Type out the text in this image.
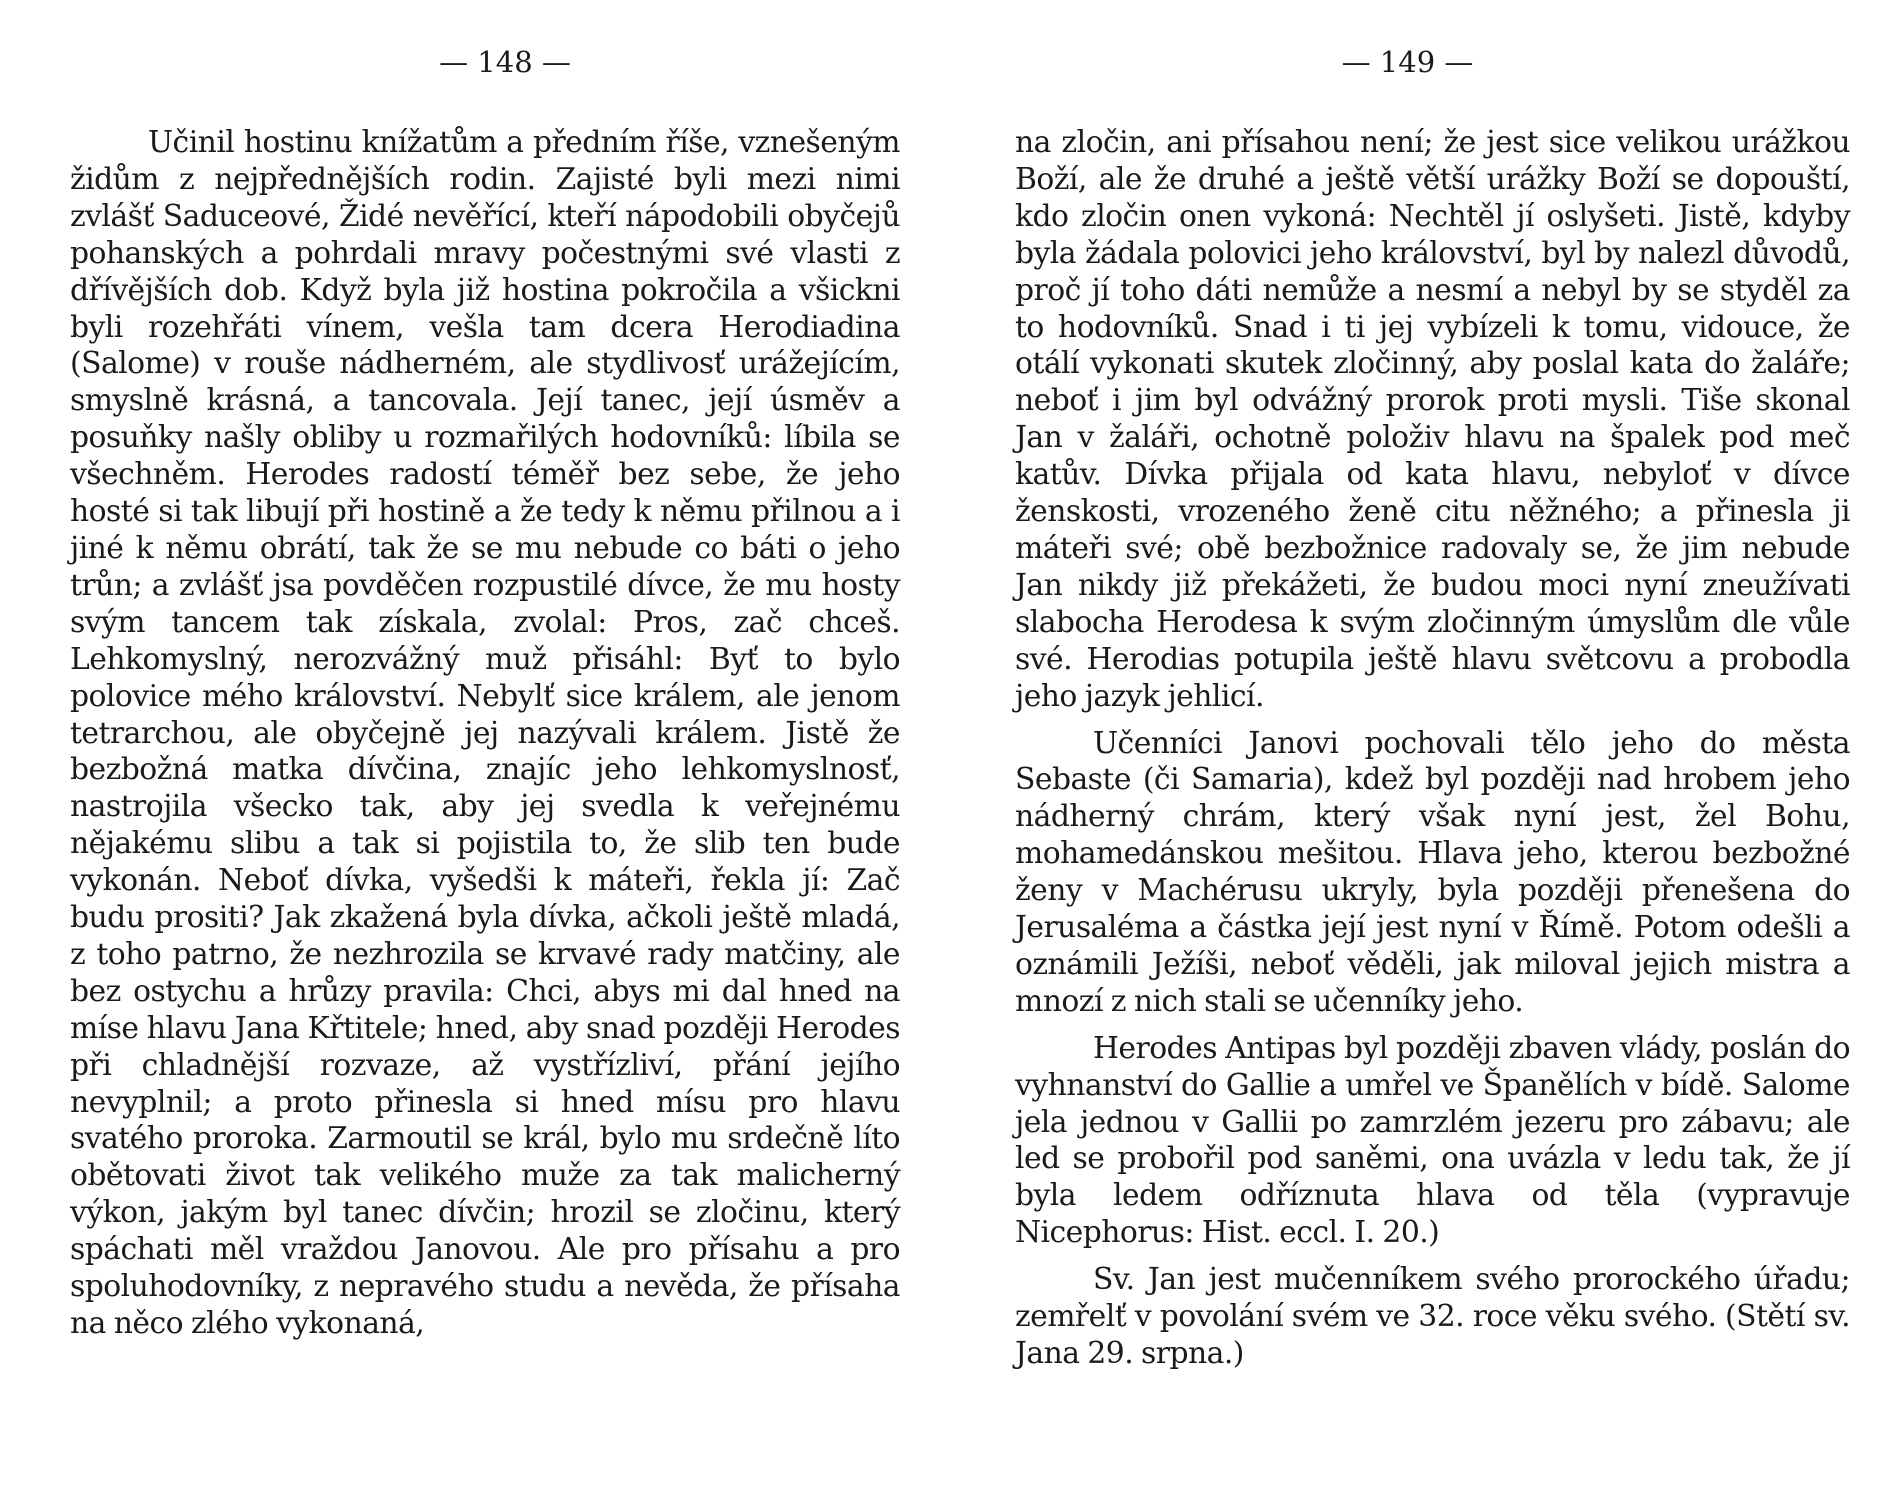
— 148 —

Učinil hostinu knížatům a předním říše, vznešeným židům z nejpřednějších rodin. Zajisté byli mezi nimi zvlášť Saduceové, Židé nevěřící, kteří nápodobili obyčejů pohanských a pohrdali mravy počestnými své vlasti z dřívějších dob. Když byla již hostina pokročila a všickni byli rozehřáti vínem, vešla tam dcera Herodiadina (Salome) v rouše nádherném, ale stydlivosť urážejícím, smyslně krásná, a tancovala. Její tanec, její úsměv a posuňky našly obliby u rozmařilých hodovníků: líbila se všechněm. Herodes radostí téměř bez sebe, že jeho hosté si tak libují při hostině a že tedy k němu přilnou a i jiné k němu obrátí, tak že se mu nebude co báti o jeho trůn; a zvlášť jsa povděčen rozpustilé dívce, že mu hosty svým tancem tak získala, zvolal: Pros, zač chceš. Lehkomyslný, nerozvážný muž přisáhl: Byť to bylo polovice mého království. Nebylť sice králem, ale jenom tetrarchou, ale obyčejně jej nazývali králem. Jistě že bezbožná matka dívčina, znajíc jeho lehkomyslnosť, nastrojila všecko tak, aby jej svedla k veřejnému nějakému slibu a tak si pojistila to, že slib ten bude vykonán. Neboť dívka, vyšedši k máteři, řekla jí: Zač budu prositi? Jak zkažená byla dívka, ačkoli ještě mladá, z toho patrno, že nezhrozila se krvavé rady matčiny, ale bez ostychu a hrůzy pravila: Chci, abys mi dal hned na míse hlavu Jana Křtitele; hned, aby snad později Herodes při chladnější rozvaze, až vystřízliví, přání jejího nevyplnil; a proto přinesla si hned mísu pro hlavu svatého proroka. Zarmoutil se král, bylo mu srdečně líto obětovati život tak velikého muže za tak malicherný výkon, jakým byl tanec dívčin; hrozil se zločinu, který spáchati měl vraždou Janovou. Ale pro přísahu a pro spoluhodovníky, z nepravého studu a nevěda, že přísaha na něco zlého vykonaná,

— 149 —

na zločin, ani přísahou není; že jest sice velikou urážkou Boží, ale že druhé a ještě větší urážky Boží se dopouští, kdo zločin onen vykoná: Nechtěl jí oslyšeti. Jistě, kdyby byla žádala polovici jeho království, byl by nalezl důvodů, proč jí toho dáti nemůže a nesmí a nebyl by se styděl za to hodovníků. Snad i ti jej vybízeli k tomu, vidouce, že otálí vykonati skutek zločinný, aby poslal kata do žaláře; neboť i jim byl odvážný prorok proti mysli. Tiše skonal Jan v žaláři, ochotně položiv hlavu na špalek pod meč katův. Dívka přijala od kata hlavu, nebylоť v dívce ženskosti, vrozeného ženě citu něžného; a přinesla ji máteři své; obě bezbožnice radovaly se, že jim nebude Jan nikdy již překážeti, že budou moci nyní zneužívati slabocha Herodesa k svým zločinným úmyslům dle vůle své. Herodias potupila ještě hlavu světcovu a probodla jeho jazyk jehlicí.

Učenníci Janovi pochovali tělo jeho do města Sebaste (či Samaria), kdež byl později nad hrobem jeho nádherný chrám, který však nyní jest, žel Bohu, mohamedánskou mešitou. Hlava jeho, kterou bezbožné ženy v Machérusu ukryly, byla později přenešena do Jerusaléma a částka její jest nyní v Římě. Potom odešli a oznámili Ježíši, neboť věděli, jak miloval jejich mistra a mnozí z nich stali se učenníky jeho.

Herodes Antipas byl později zbaven vlády, poslán do vyhnanství do Gallie a umřel ve Španělích v bídě. Salome jela jednou v Gallii po zamrzlém jezeru pro zábavu; ale led se probořil pod saněmi, ona uvázla v ledu tak, že jí byla ledem odříznuta hlava od těla (vypravuje Nicephorus: Hist. eccl. I. 20.)

Sv. Jan jest mučenníkem svého prorockého úřadu; zemřelť v povolání svém ve 32. roce věku svého. (Stětí sv. Jana 29. srpna.)
